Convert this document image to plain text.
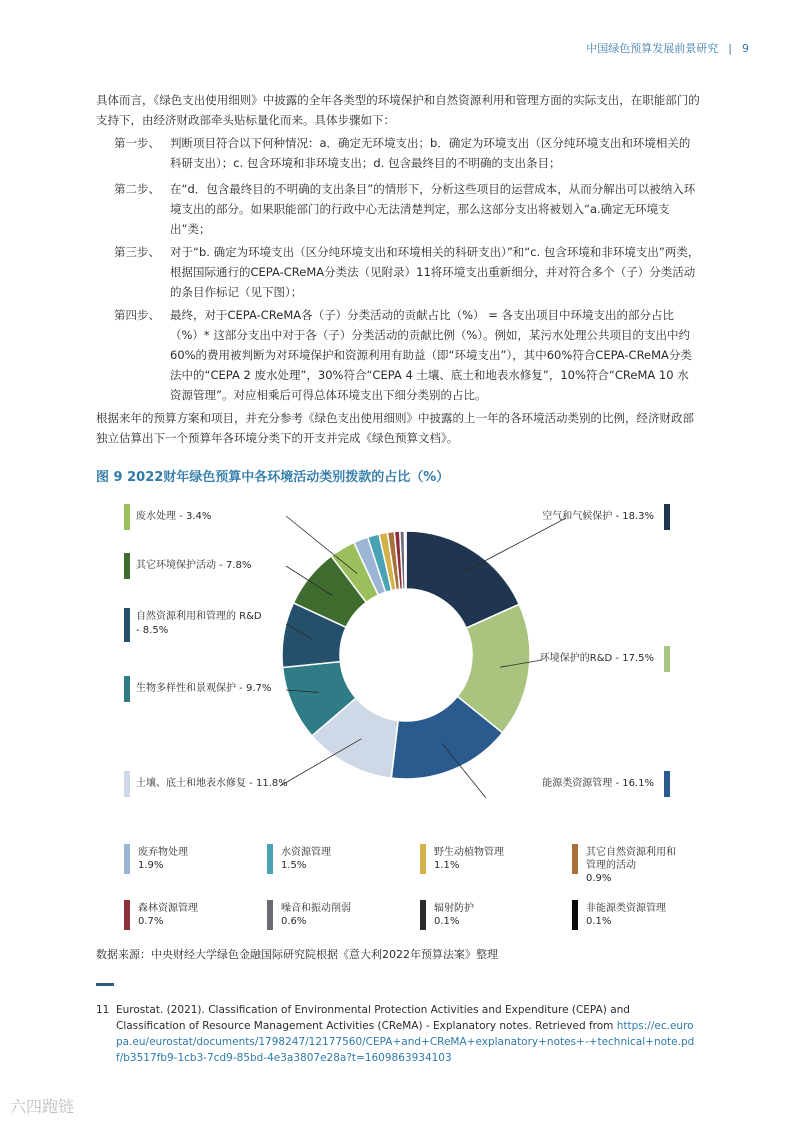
中国绿色预算发展前景研究 | 9
具体而言，《绿色支出使用细则》中披露的全年各类型的环境保护和自然资源利用和管理方面的实际支出，在职能部门的支持下，由经济财政部牵头贴标量化而来。具体步骤如下：
第一步、 判断项目符合以下何种情况：a．确定无环境支出；b．确定为环境支出（区分纯环境支出和环境相关的科研支出）；c. 包含环境和非环境支出；d. 包含最终目的不明确的支出条目；
第二步、 在“d．包含最终目的不明确的支出条目”的情形下，分析这些项目的运营成本，从而分解出可以被纳入环境支出的部分。如果职能部门的行政中心无法清楚判定，那么这部分支出将被划入“a.确定无环境支出”类；
第三步、 对于“b. 确定为环境支出（区分纯环境支出和环境相关的科研支出）”和“c. 包含环境和非环境支出”两类，根据国际通行的CEPA-CReMA分类法（见附录）11将环境支出重新细分，并对符合多个（子）分类活动的条目作标记（见下图）；
第四步、 最终，对于CEPA-CReMA各（子）分类活动的贡献占比（%） = 各支出项目中环境支出的部分占比（%）* 这部分支出中对于各（子）分类活动的贡献比例（%）。例如，某污水处理公共项目的支出中约60%的费用被判断为对环境保护和资源利用有助益（即“环境支出”），其中60%符合CEPA-CReMA分类法中的“CEPA 2 废水处理”，30%符合“CEPA 4 土壤、底土和地表水修复”，10%符合“CReMA 10 水资源管理”。对应相乘后可得总体环境支出下细分类别的占比。
根据来年的预算方案和项目，并充分参考《绿色支出使用细则》中披露的上一年的各环境活动类别的比例，经济财政部独立估算出下一个预算年各环境分类下的开支并完成《绿色预算文档》。
图 9 2022财年绿色预算中各环境活动类别拨款的占比（%）
废水处理 - 3.4%
其它环境保护活动 - 7.8%
自然资源利用和管理的 R&D - 8.5%
生物多样性和景观保护 - 9.7%
土壤、底土和地表水修复 - 11.8%
空气和气候保护 - 18.3%
环境保护的R&D - 17.5%
能源类资源管理 - 16.1%
废弃物处理
1.9%
水资源管理
1.5%
野生动植物管理
1.1%
其它自然资源利用和管理的活动
0.9%
森林资源管理
0.7%
噪音和振动削弱
0.6%
辐射防护
0.1%
非能源类资源管理
0.1%
数据来源：中央财经大学绿色金融国际研究院根据《意大利2022年预算法案》整理
11 Eurostat. (2021). Classification of Environmental Protection Activities and Expenditure (CEPA) and Classification of Resource Management Activities (CReMA) - Explanatory notes. Retrieved from https://ec.europa.eu/eurostat/documents/1798247/12177560/CEPA+and+CReMA+explanatory+notes+-+technical+note.pdf/b3517fb9-1cb3-7cd9-85bd-4e3a3807e28a?t=1609863934103
六四跑链
